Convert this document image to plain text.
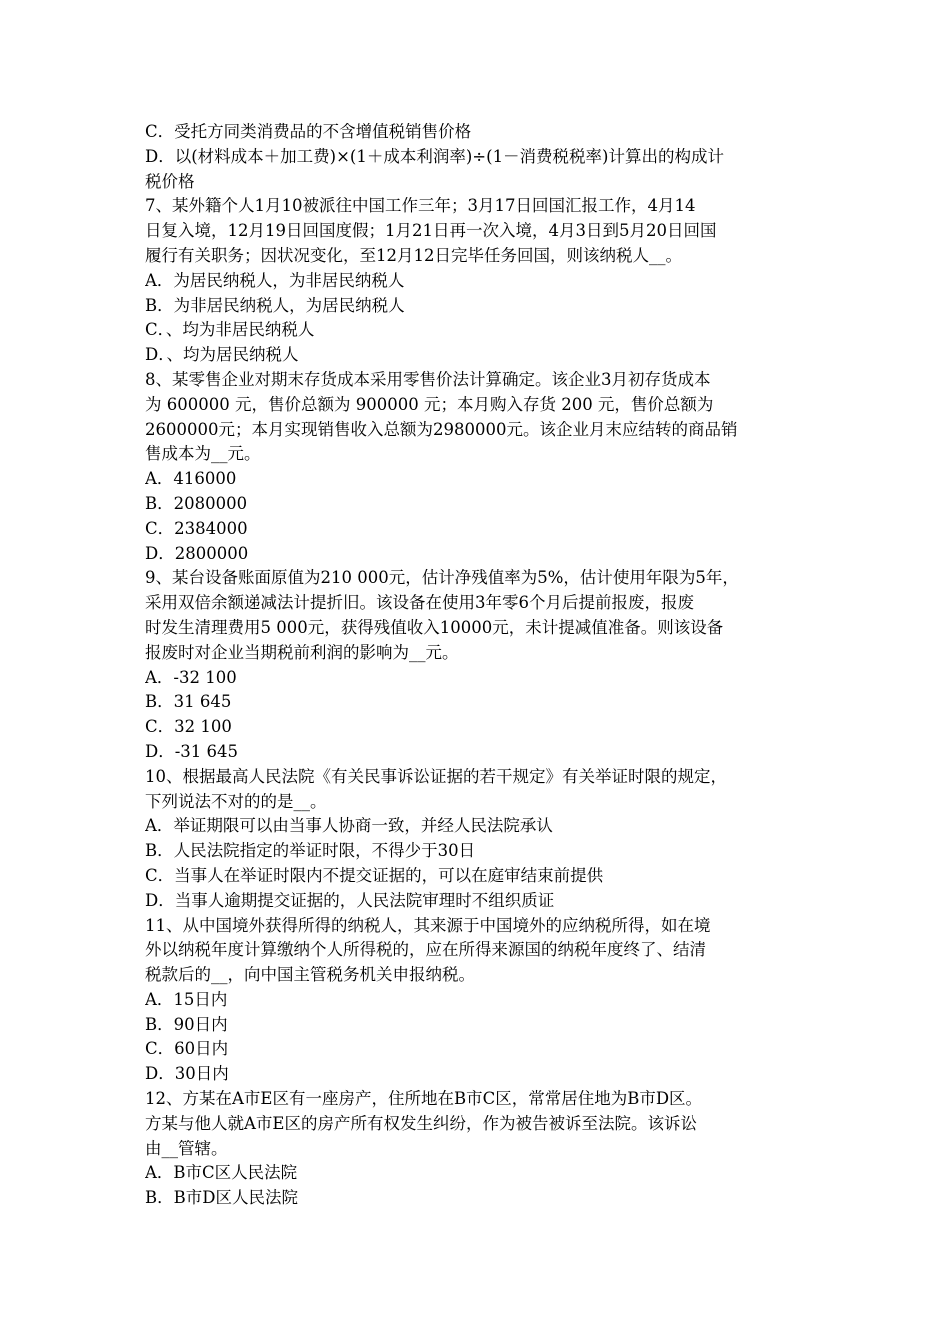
C．受托方同类消费品的不含增值税销售价格
D．以(材料成本＋加工费)×(1＋成本利润率)÷(1－消费税税率)计算出的构成计
税价格
7、某外籍个人1月10被派往中国工作三年；3月17日回国汇报工作，4月14
日复入境，12月19日回国度假；1月21日再一次入境，4月3日到5月20日回国
履行有关职务；因状况变化，至12月12日完毕任务回国，则该纳税人__。
A．为居民纳税人，为非居民纳税人
B．为非居民纳税人，为居民纳税人
C．、均为非居民纳税人
D．、均为居民纳税人
8、某零售企业对期末存货成本采用零售价法计算确定。该企业3月初存货成本
为 600000 元，售价总额为 900000 元；本月购入存货 200 元，售价总额为
2600000元；本月实现销售收入总额为2980000元。该企业月末应结转的商品销
售成本为__元。
A．416000
B．2080000
C．2384000
D．2800000
9、某台设备账面原值为210 000元，估计净残值率为5%，估计使用年限为5年，
采用双倍余额递减法计提折旧。该设备在使用3年零6个月后提前报废，报废
时发生清理费用5 000元，获得残值收入10000元，未计提减值准备。则该设备
报废时对企业当期税前利润的影响为__元。
A．-32 100
B．31 645
C．32 100
D．-31 645
10、根据最高人民法院《有关民事诉讼证据的若干规定》有关举证时限的规定，
下列说法不对的的是__。
A．举证期限可以由当事人协商一致，并经人民法院承认
B．人民法院指定的举证时限，不得少于30日
C．当事人在举证时限内不提交证据的，可以在庭审结束前提供
D．当事人逾期提交证据的，人民法院审理时不组织质证
11、从中国境外获得所得的纳税人，其来源于中国境外的应纳税所得，如在境
外以纳税年度计算缴纳个人所得税的，应在所得来源国的纳税年度终了、结清
税款后的__，向中国主管税务机关申报纳税。
A．15日内
B．90日内
C．60日内
D．30日内
12、方某在A市E区有一座房产，住所地在B市C区，常常居住地为B市D区。
方某与他人就A市E区的房产所有权发生纠纷，作为被告被诉至法院。该诉讼
由__管辖。
A．B市C区人民法院
B．B市D区人民法院
